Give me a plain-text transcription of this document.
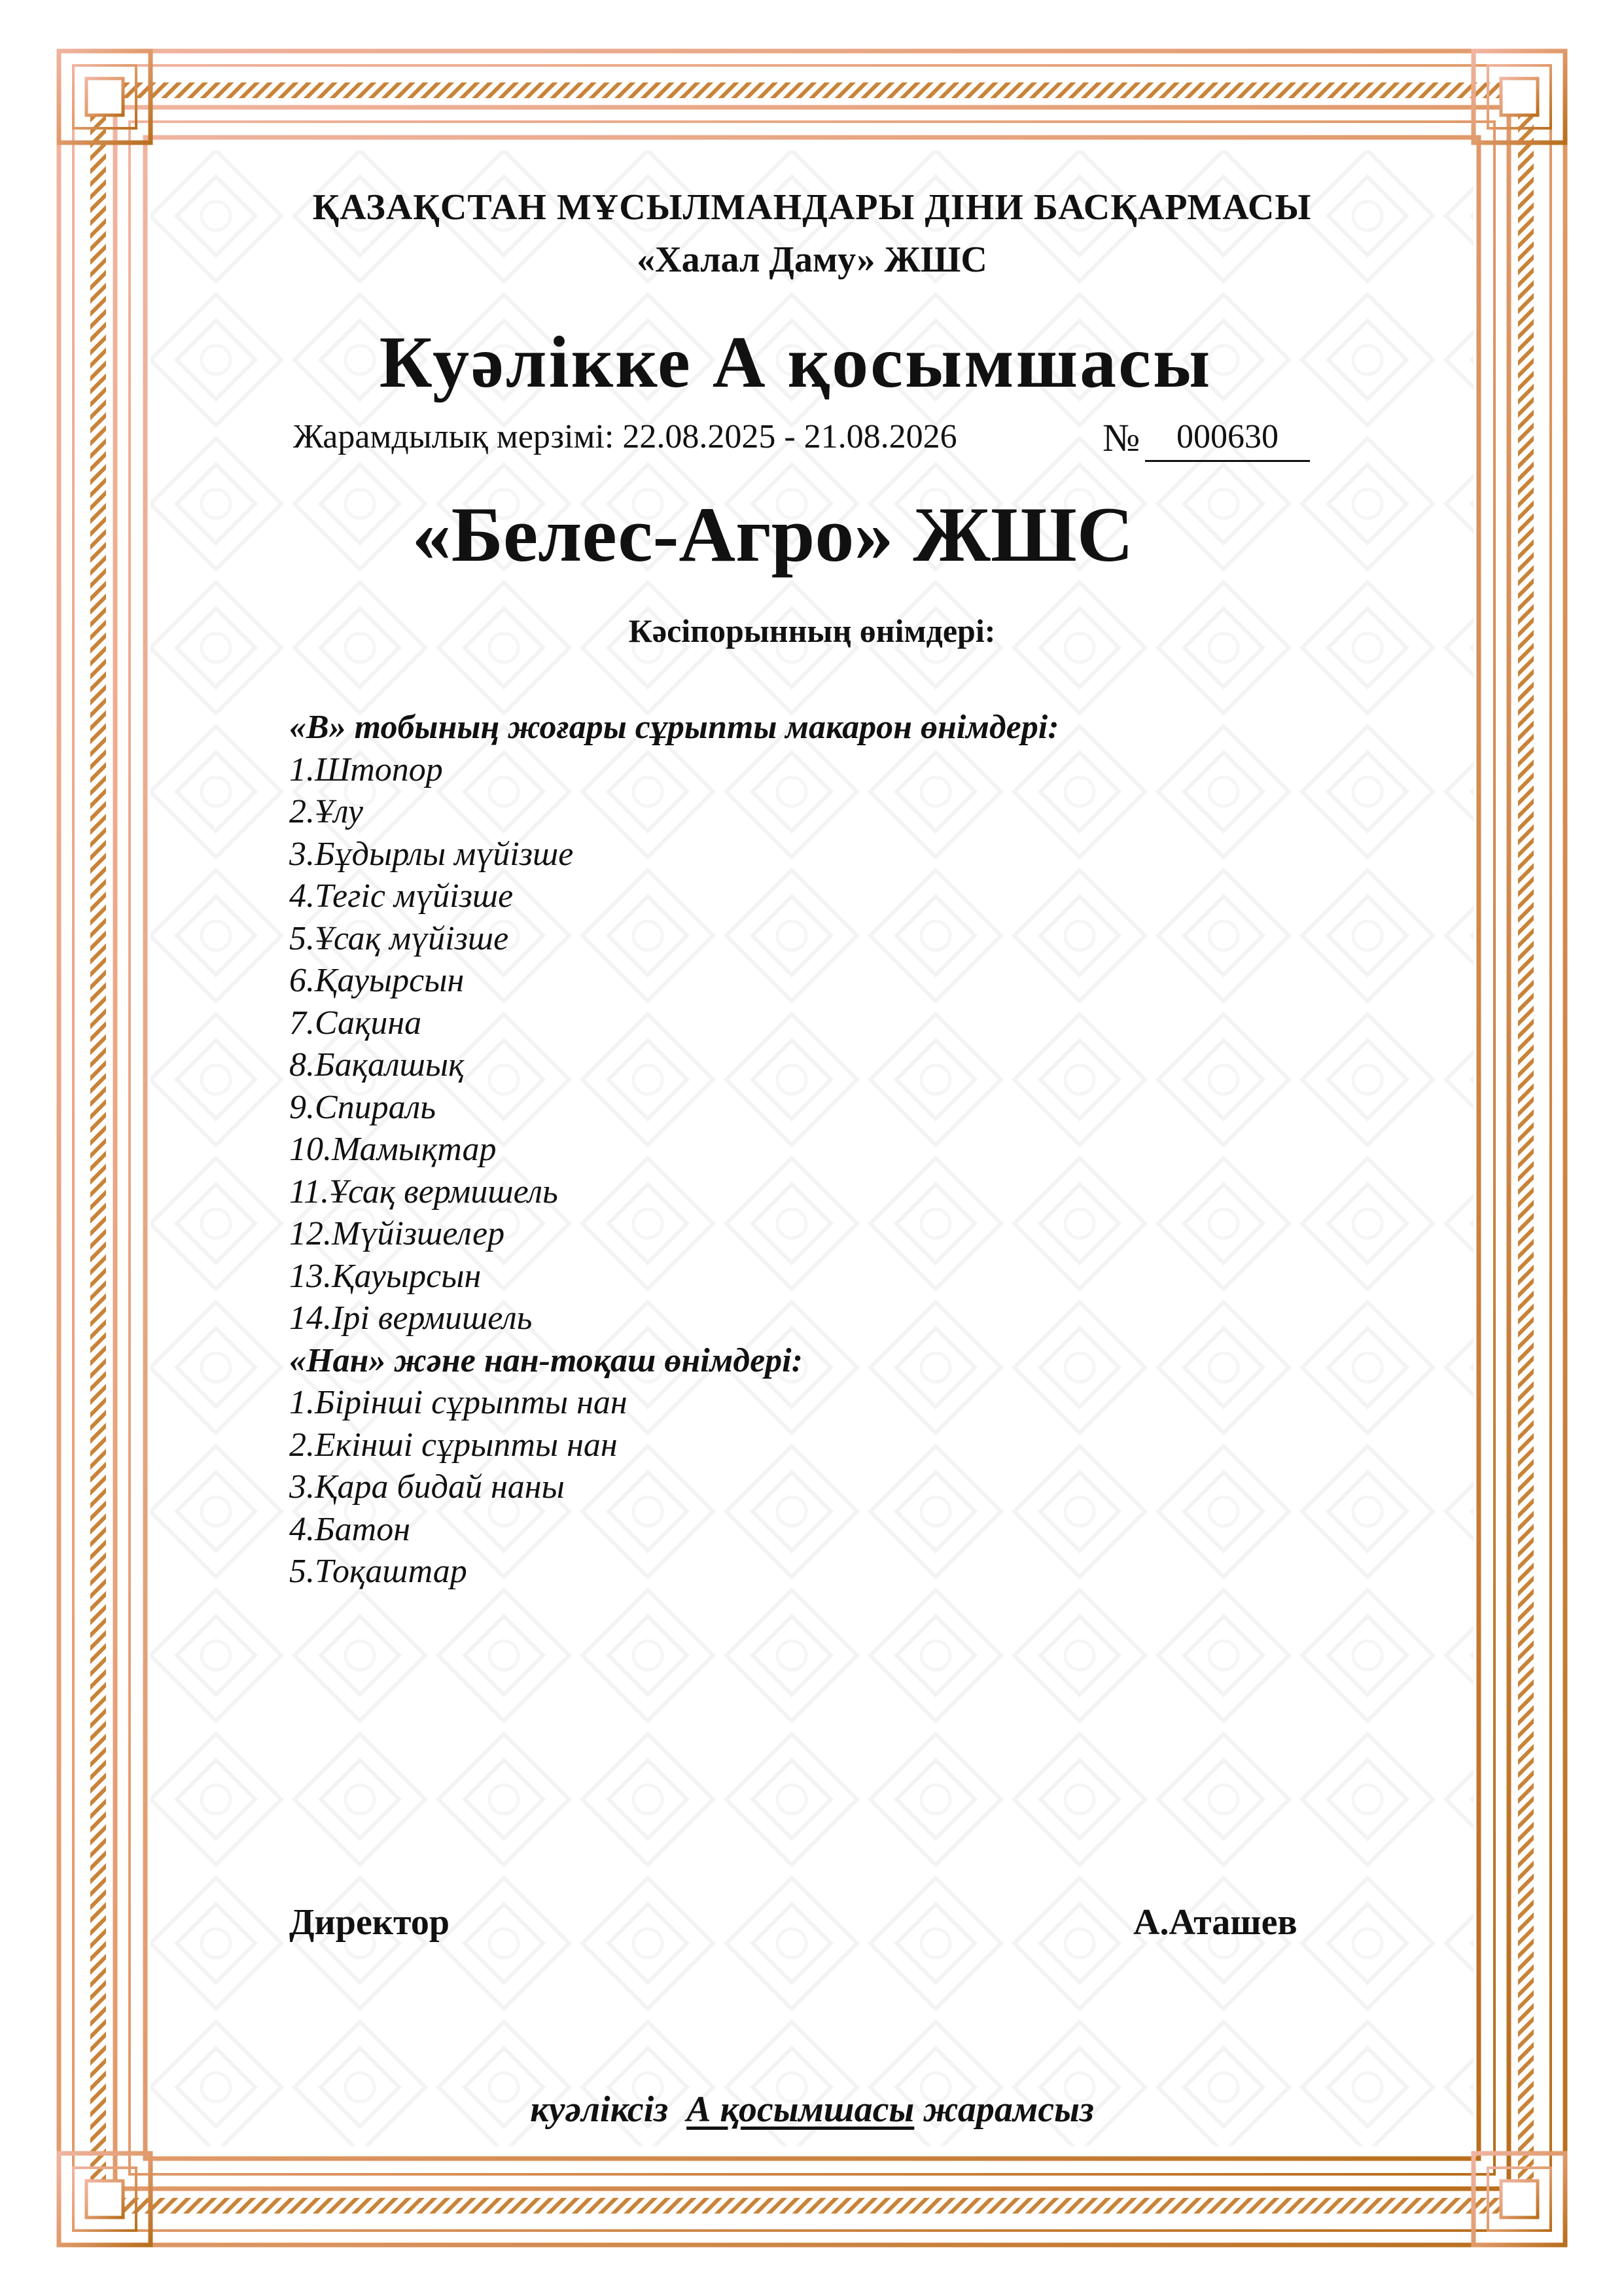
ҚАЗАҚСТАН МҰСЫЛМАНДАРЫ ДІНИ БАСҚАРМАСЫ

«Халал Даму» ЖШС

Куәлікке А қосымшасы

Жарамдылық мерзімі: 22.08.2025 - 21.08.2026	№	000630

«Белес-Агро» ЖШС

Кәсіпорынның өнімдері:

«В» тобының жоғары сұрыпты макарон өнімдері:
1.Штопор
2.Ұлу
3.Бұдырлы мүйізше
4.Тегіс мүйізше
5.Ұсақ мүйізше
6.Қауырсын
7.Сақина
8.Бақалшық
9.Спираль
10.Мамықтар
11.Ұсақ вермишель
12.Мүйізшелер
13.Қауырсын
14.Ірі вермишель
«Нан» және нан-тоқаш өнімдері:
1.Бірінші сұрыпты нан
2.Екінші сұрыпты нан
3.Қара бидай наны
4.Батон
5.Тоқаштар

Директор	А.Аташев

куәліксіз А қосымшасы жарамсыз
